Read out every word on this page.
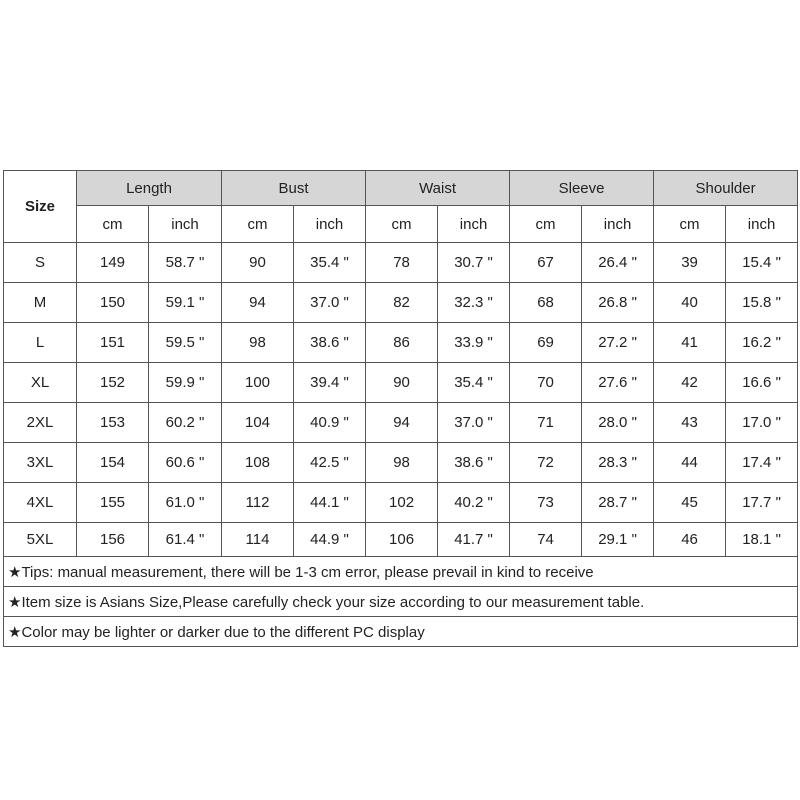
Size	Length		Bust		Waist		Sleeve		Shoulder	
	cm	inch	cm	inch	cm	inch	cm	inch	cm	inch
S	149	58.7 "	90	35.4 "	78	30.7 "	67	26.4 "	39	15.4 "
M	150	59.1 "	94	37.0 "	82	32.3 "	68	26.8 "	40	15.8 "
L	151	59.5 "	98	38.6 "	86	33.9 "	69	27.2 "	41	16.2 "
XL	152	59.9 "	100	39.4 "	90	35.4 "	70	27.6 "	42	16.6 "
2XL	153	60.2 "	104	40.9 "	94	37.0 "	71	28.0 "	43	17.0 "
3XL	154	60.6 "	108	42.5 "	98	38.6 "	72	28.3 "	44	17.4 "
4XL	155	61.0 "	112	44.1 "	102	40.2 "	73	28.7 "	45	17.7 "
5XL	156	61.4 "	114	44.9 "	106	41.7 "	74	29.1 "	46	18.1 "
★Tips: manual measurement, there will be 1-3 cm error, please prevail in kind to receive										
★Item size is Asians Size,Please carefully check your size according to our measurement table.										
★Color may be lighter or darker due to the different PC display										
